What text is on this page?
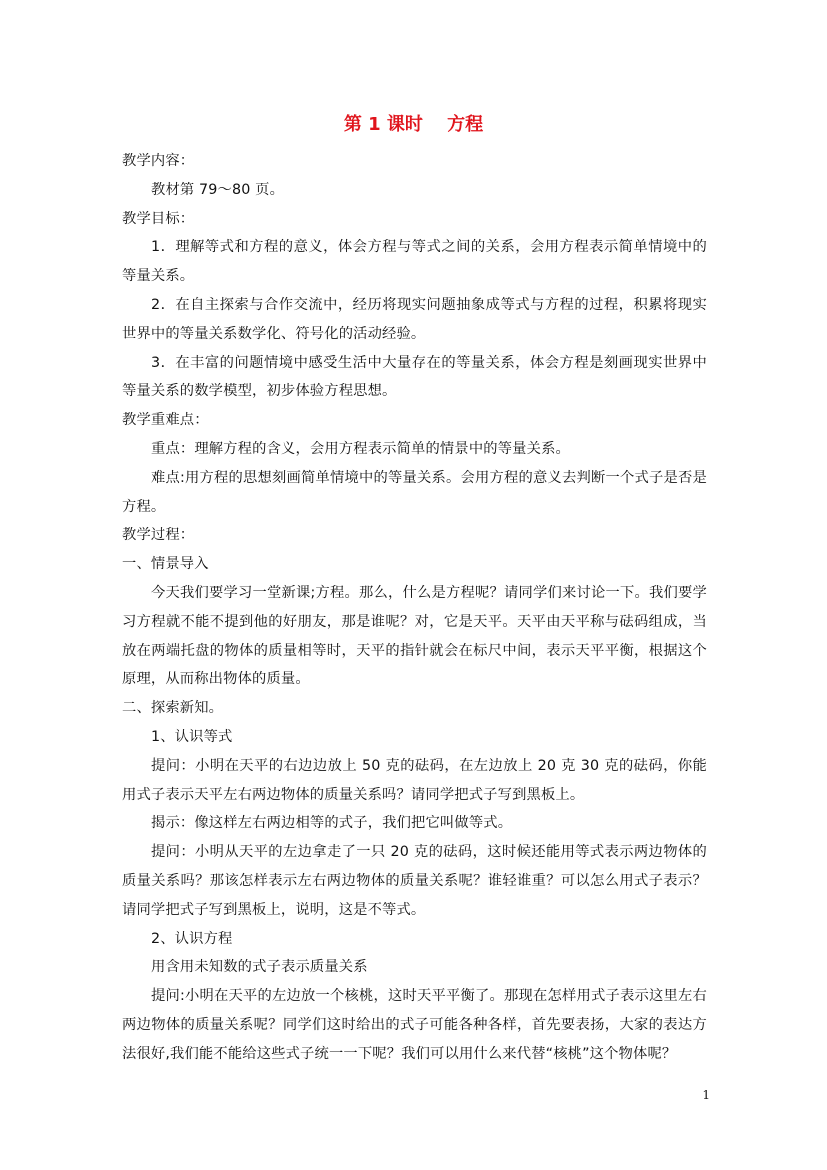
第 1 课时　 方程

教学内容：

教材第 79～80 页。

教学目标：

1．理解等式和方程的意义，体会方程与等式之间的关系，会用方程表示简单情境中的等量关系。

2．在自主探索与合作交流中，经历将现实问题抽象成等式与方程的过程，积累将现实世界中的等量关系数学化、符号化的活动经验。

3．在丰富的问题情境中感受生活中大量存在的等量关系，体会方程是刻画现实世界中等量关系的数学模型，初步体验方程思想。

教学重难点：

重点：理解方程的含义，会用方程表示简单的情景中的等量关系。

难点:用方程的思想刻画简单情境中的等量关系。会用方程的意义去判断一个式子是否是方程。

教学过程：

一、情景导入

今天我们要学习一堂新课;方程。那么，什么是方程呢？请同学们来讨论一下。我们要学习方程就不能不提到他的好朋友，那是谁呢？对，它是天平。天平由天平称与砝码组成，当放在两端托盘的物体的质量相等时，天平的指针就会在标尺中间，表示天平平衡，根据这个原理，从而称出物体的质量。

二、探索新知。

1、认识等式

提问：小明在天平的右边边放上 50 克的砝码，在左边放上 20 克 30 克的砝码，你能用式子表示天平左右两边物体的质量关系吗？请同学把式子写到黑板上。

揭示：像这样左右两边相等的式子，我们把它叫做等式。

提问：小明从天平的左边拿走了一只 20 克的砝码，这时候还能用等式表示两边物体的质量关系吗？那该怎样表示左右两边物体的质量关系呢？谁轻谁重？可以怎么用式子表示？请同学把式子写到黑板上，说明，这是不等式。

2、认识方程

用含用未知数的式子表示质量关系

提问:小明在天平的左边放一个核桃，这时天平平衡了。那现在怎样用式子表示这里左右两边物体的质量关系呢？同学们这时给出的式子可能各种各样，首先要表扬，大家的表达方法很好,我们能不能给这些式子统一一下呢？我们可以用什么来代替“核桃”这个物体呢？

1
